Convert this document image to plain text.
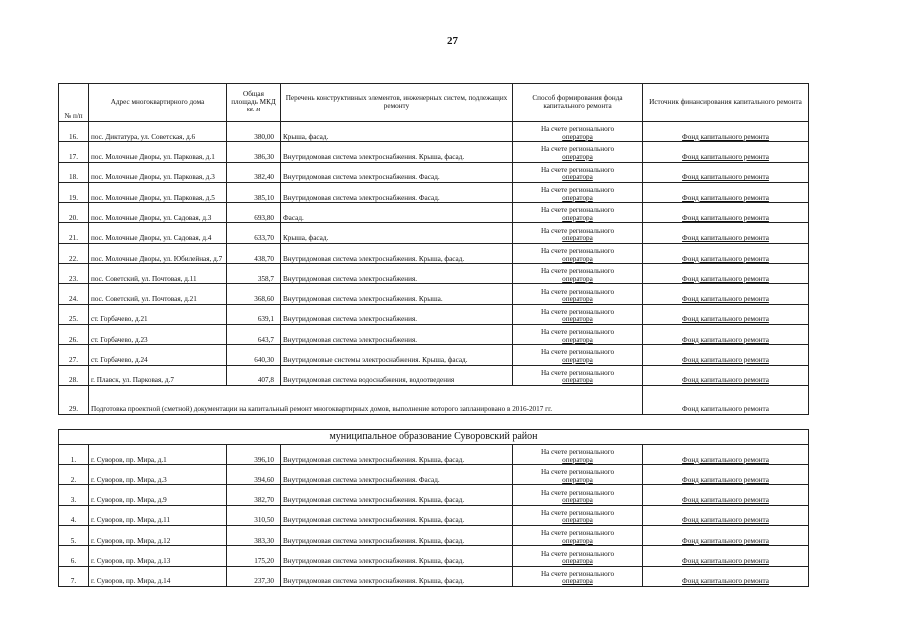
27
№ п/п	Адрес многоквартирного дома	Общая площадь МКД
кв. м	Перечень конструктивных элементов, инженерных систем, подлежащих ремонту	Способ формирования фонда капитального ремонта	Источник финансирования капитального ремонта
16.	пос. Диктатура, ул. Советская, д.6	380,00	Крыша, фасад.	На счете регионального
оператора	Фонд капитального ремонта
17.	пос. Молочные Дворы, ул. Парковая, д.1	386,30	Внутридомовая система электроснабжения. Крыша, фасад.	На счете регионального
оператора	Фонд капитального ремонта
18.	пос. Молочные Дворы, ул. Парковая, д.3	382,40	Внутридомовая система электроснабжения. Фасад.	На счете регионального
оператора	Фонд капитального ремонта
19.	пос. Молочные Дворы, ул. Парковая, д.5	385,10	Внутридомовая система электроснабжения. Фасад.	На счете регионального
оператора	Фонд капитального ремонта
20.	пос. Молочные Дворы, ул. Садовая, д.3	693,80	Фасад.	На счете регионального
оператора	Фонд капитального ремонта
21.	пос. Молочные Дворы, ул. Садовая, д.4	633,70	Крыша, фасад.	На счете регионального
оператора	Фонд капитального ремонта
22.	пос. Молочные Дворы, ул. Юбилейная, д.7	438,70	Внутридомовая система электроснабжения. Крыша, фасад.	На счете регионального
оператора	Фонд капитального ремонта
23.	пос. Советский, ул. Почтовая, д.11	358,7	Внутридомовая система электроснабжения.	На счете регионального
оператора	Фонд капитального ремонта
24.	пос. Советский, ул. Почтовая, д.21	368,60	Внутридомовая система электроснабжения. Крыша.	На счете регионального
оператора	Фонд капитального ремонта
25.	ст. Горбачево, д.21	639,1	Внутридомовая система электроснабжения.	На счете регионального
оператора	Фонд капитального ремонта
26.	ст. Горбачево, д.23	643,7	Внутридомовая система электроснабжения.	На счете регионального
оператора	Фонд капитального ремонта
27.	ст. Горбачево, д.24	640,30	Внутридомовые системы электроснабжения. Крыша, фасад.	На счете регионального
оператора	Фонд капитального ремонта
28.	г. Плавск, ул. Парковая, д.7	407,8	Внутридомовая система водоснабжения, водоотведения	На счете регионального
оператора	Фонд капитального ремонта
29.	Подготовка проектной (сметной) документации на капитальный ремонт многоквартирных домов, выполнение которого запланировано в 2016-2017 гг.				Фонд капитального ремонта

муниципальное образование Суворовский район					
1.	г. Суворов, пр. Мира, д.1	396,10	Внутридомовая система электроснабжения. Крыша, фасад.	На счете регионального
оператора	Фонд капитального ремонта
2.	г. Суворов, пр. Мира, д.3	394,60	Внутридомовая система электроснабжения. Фасад.	На счете регионального
оператора	Фонд капитального ремонта
3.	г. Суворов, пр. Мира, д.9	382,70	Внутридомовая система электроснабжения. Крыша, фасад.	На счете регионального
оператора	Фонд капитального ремонта
4.	г. Суворов, пр. Мира, д.11	310,50	Внутридомовая система электроснабжения. Крыша, фасад.	На счете регионального
оператора	Фонд капитального ремонта
5.	г. Суворов, пр. Мира, д.12	383,30	Внутридомовая система электроснабжения. Крыша, фасад.	На счете регионального
оператора	Фонд капитального ремонта
6.	г. Суворов, пр. Мира, д.13	175,20	Внутридомовая система электроснабжения. Крыша, фасад.	На счете регионального
оператора	Фонд капитального ремонта
7.	г. Суворов, пр. Мира, д.14	237,30	Внутридомовая система электроснабжения. Крыша, фасад.	На счете регионального
оператора	Фонд капитального ремонта
